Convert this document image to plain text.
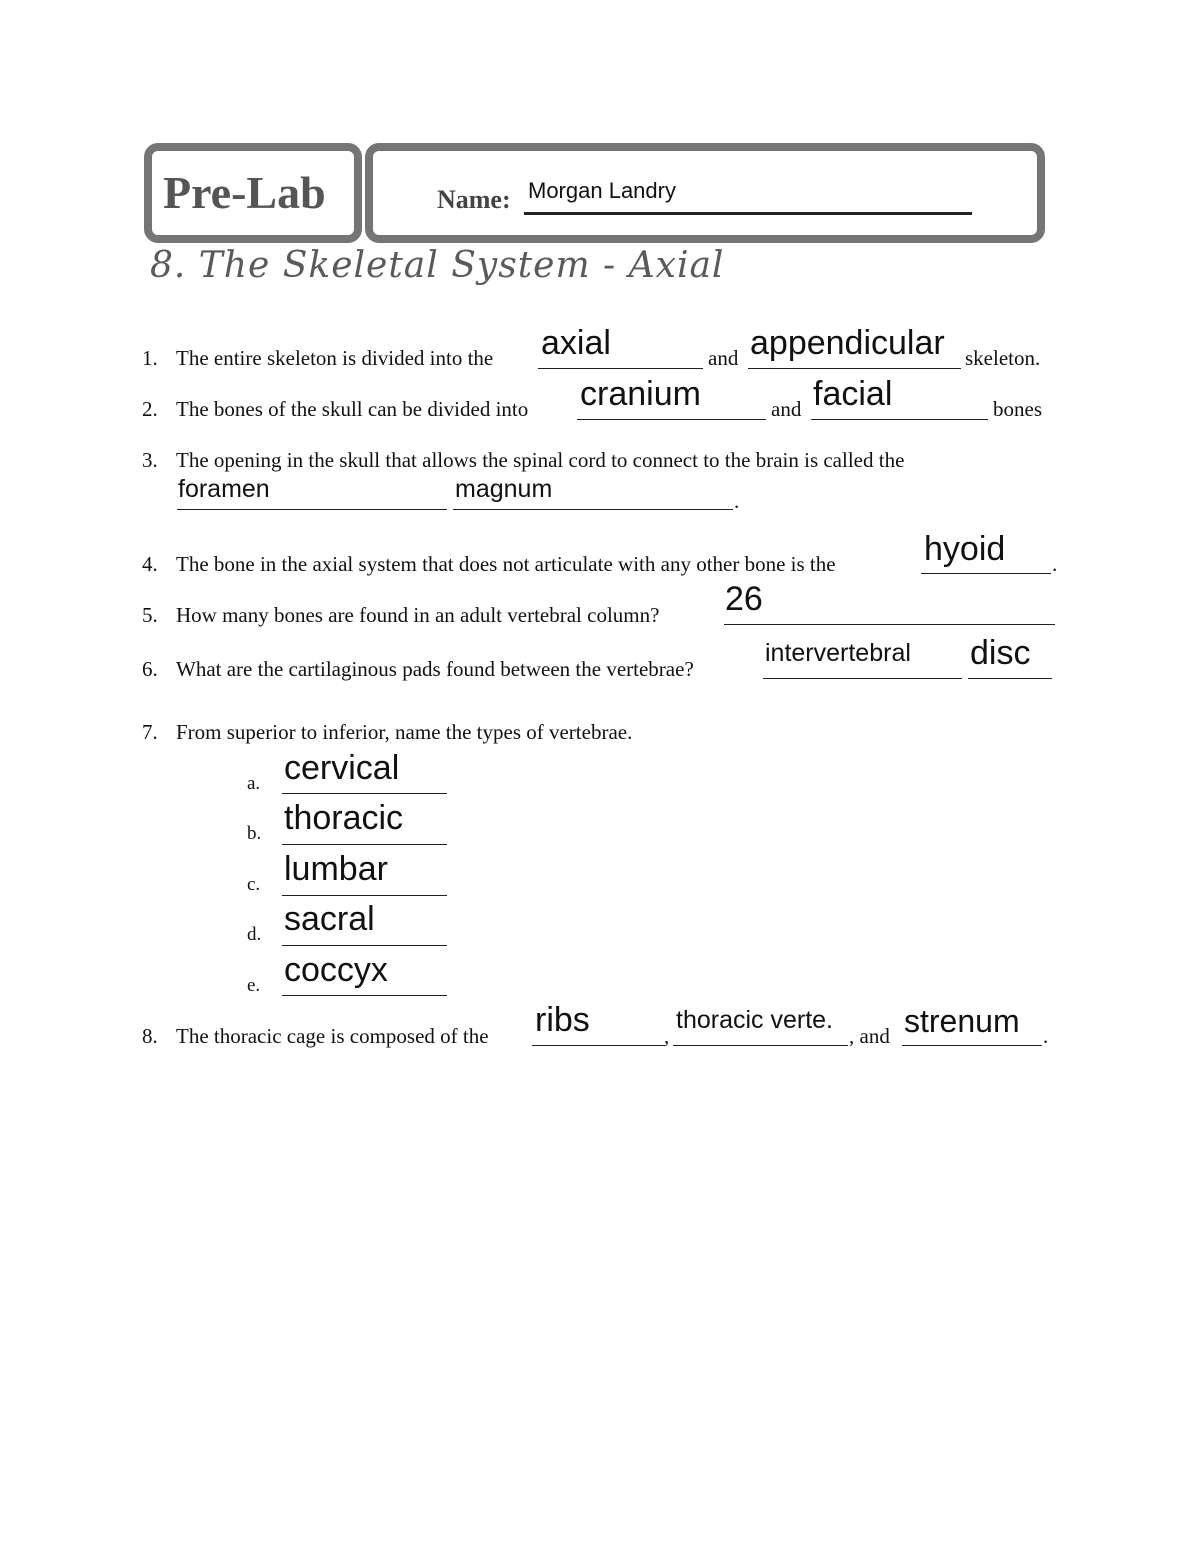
Pre-Lab	Name: Morgan Landry
8. The Skeletal System - Axial
1. The entire skeleton is divided into the axial	and appendicular skeleton.
2. The bones of the skull can be divided into cranium	and facial	bones
3. The opening in the skull that allows the spinal cord to connect to the brain is called the
foramen	magnum	.
4. The bone in the axial system that does not articulate with any other bone is the	hyoid .
5. How many bones are found in an adult vertebral column? 26
6. What are the cartilaginous pads found between the vertebrae?
intervertebral disc
7. From superior to inferior, name the types of vertebrae.
a. cervical
b. thoracic
c. lumbar
d. sacral
e. coccyx
8. The thoracic cage is composed of the ribs	,
thoracic verte.
, and strenum .
